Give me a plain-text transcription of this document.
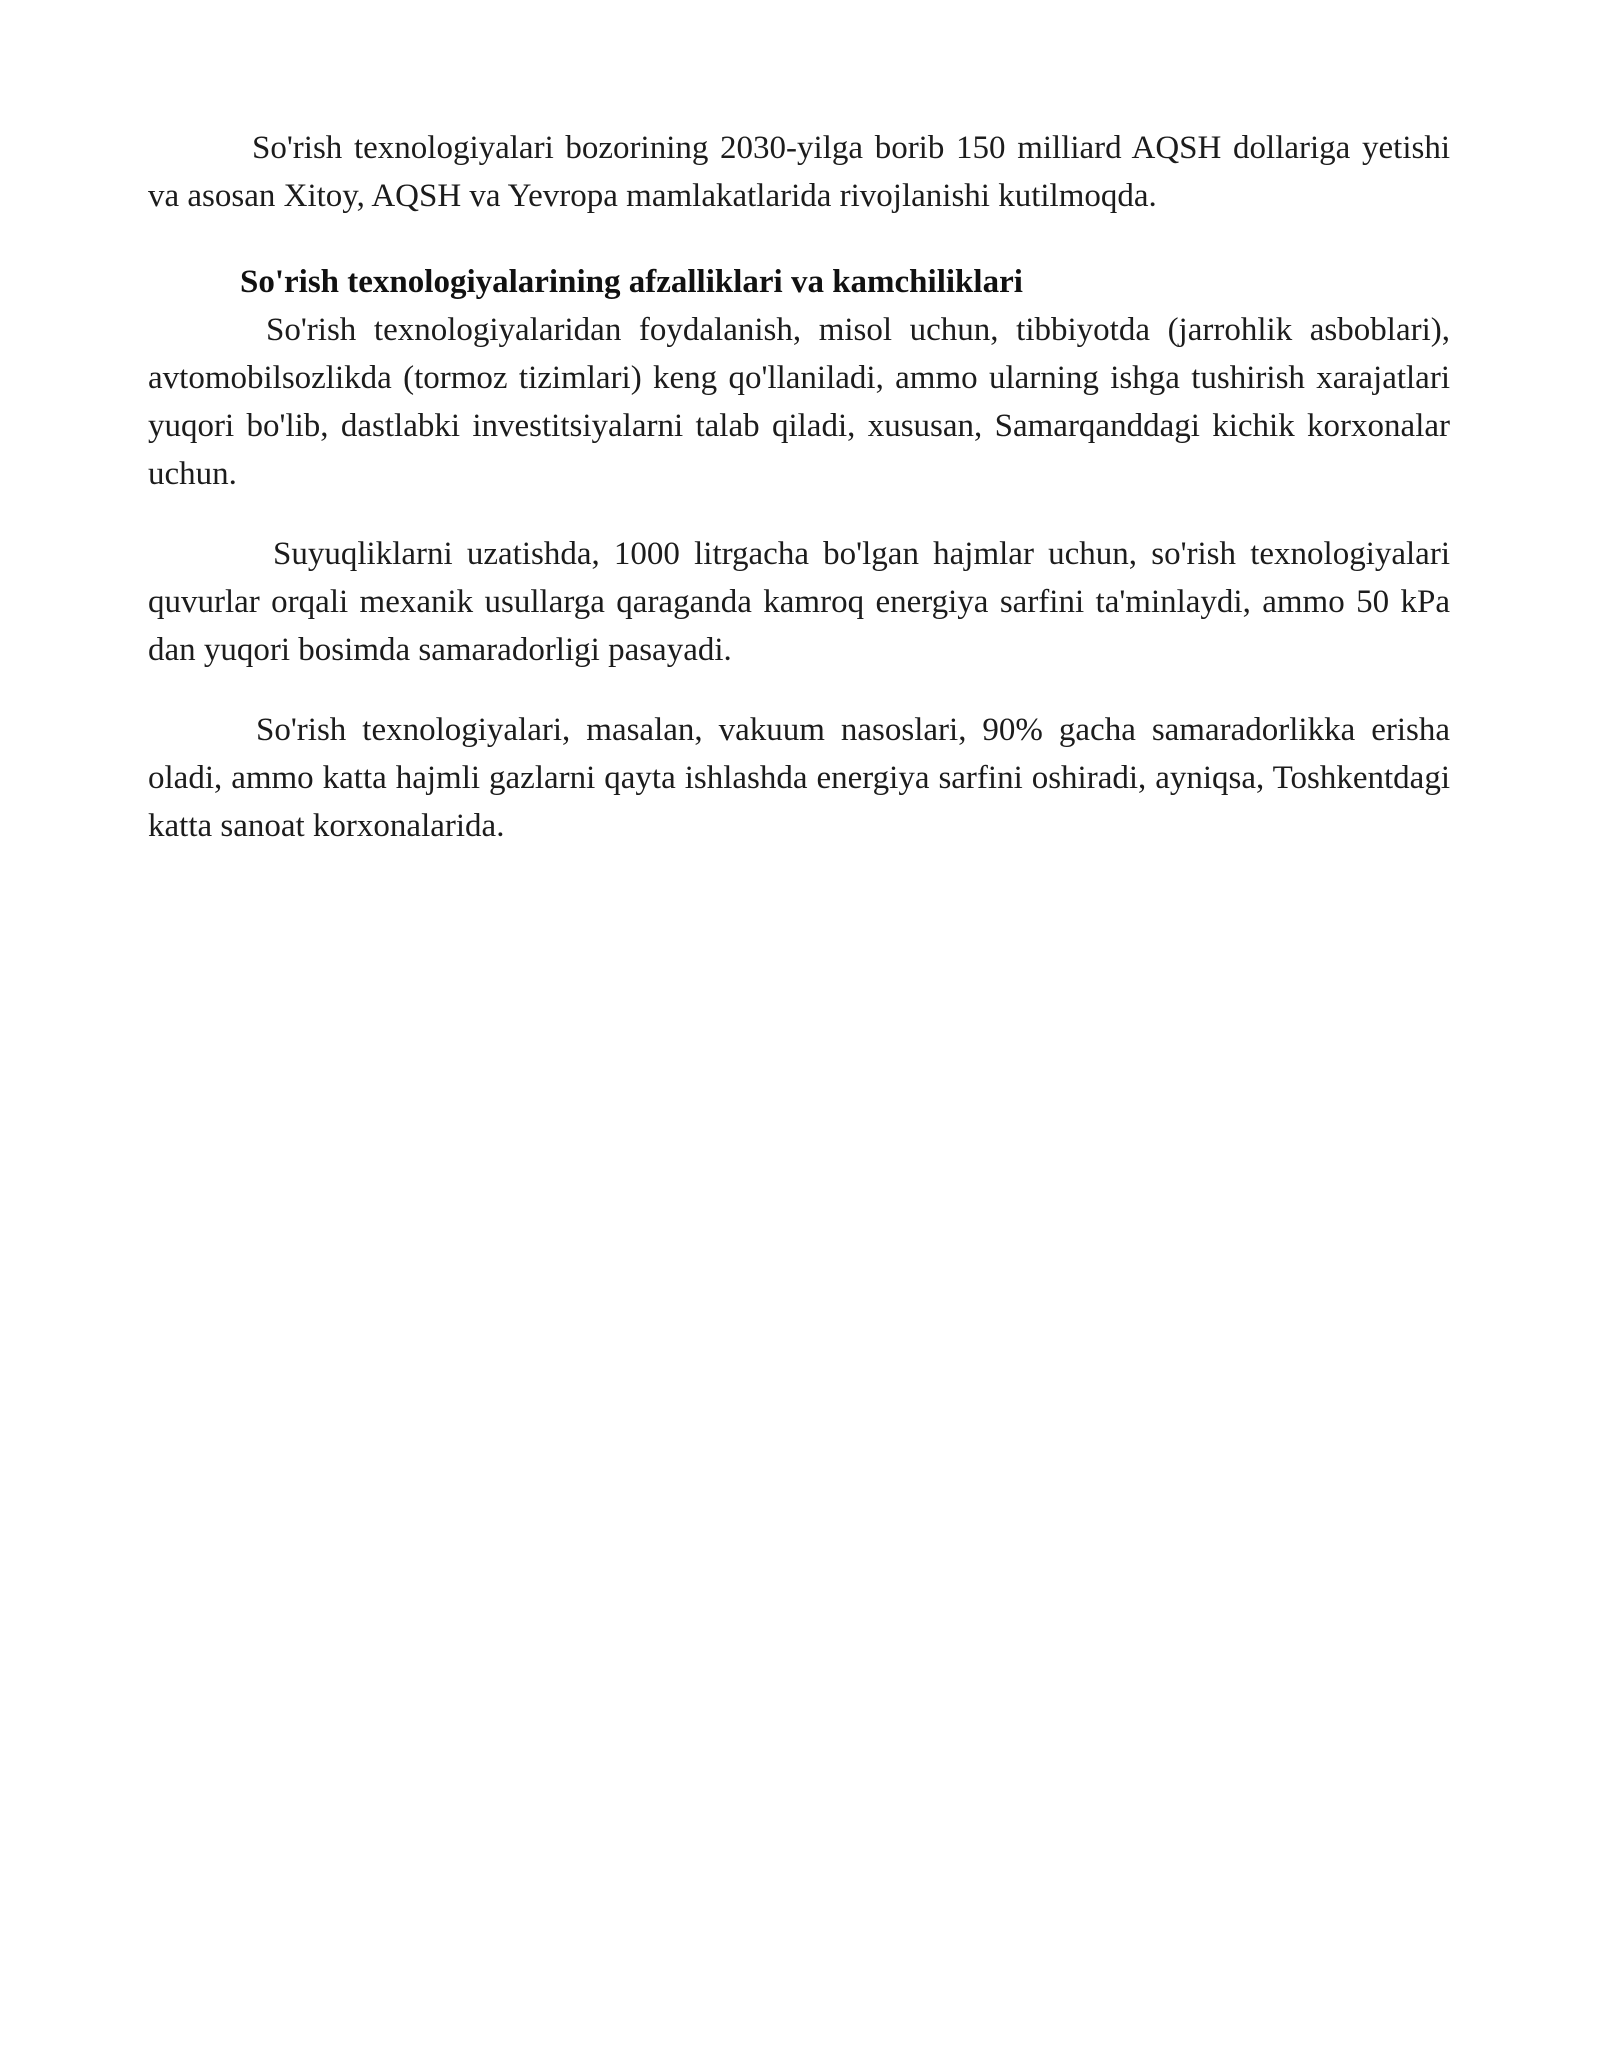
So'rish texnologiyalari bozorining 2030-yilga borib 150 milliard AQSH dollariga yetishi va asosan Xitoy, AQSH va Yevropa mamlakatlarida rivojlanishi kutilmoqda.

So'rish texnologiyalarining afzalliklari va kamchiliklari

So'rish texnologiyalaridan foydalanish, misol uchun, tibbiyotda (jarrohlik asboblari), avtomobilsozlikda (tormoz tizimlari) keng qo'llaniladi, ammo ularning ishga tushirish xarajatlari yuqori bo'lib, dastlabki investitsiyalarni talab qiladi, xususan, Samarqanddagi kichik korxonalar uchun.

Suyuqliklarni uzatishda, 1000 litrgacha bo'lgan hajmlar uchun, so'rish texnologiyalari quvurlar orqali mexanik usullarga qaraganda kamroq energiya sarfini ta'minlaydi, ammo 50 kPa dan yuqori bosimda samaradorligi pasayadi.

So'rish texnologiyalari, masalan, vakuum nasoslari, 90% gacha samaradorlikka erisha oladi, ammo katta hajmli gazlarni qayta ishlashda energiya sarfini oshiradi, ayniqsa, Toshkentdagi katta sanoat korxonalarida.
